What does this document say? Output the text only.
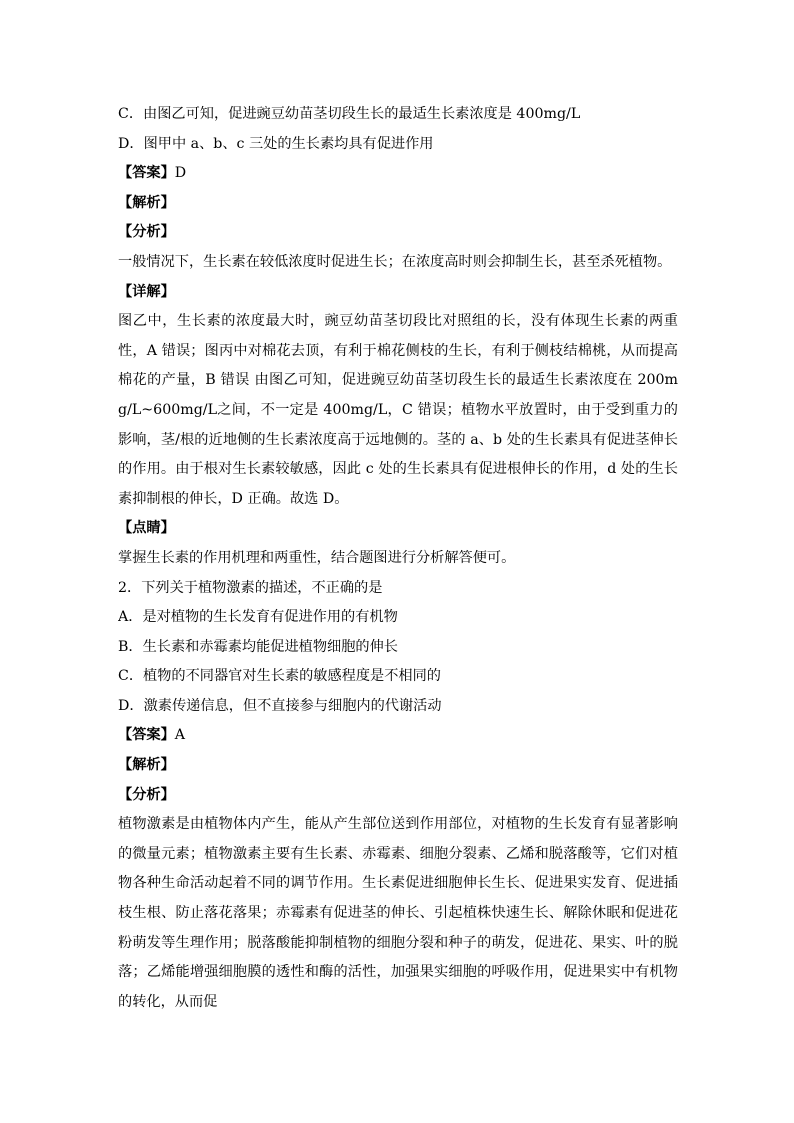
C．由图乙可知，促进豌豆幼苗茎切段生长的最适生长素浓度是 400mg/L

D．图甲中 a、b、c 三处的生长素均具有促进作用

【答案】D

【解析】

【分析】

一般情况下，生长素在较低浓度时促进生长；在浓度高时则会抑制生长，甚至杀死植物。

【详解】

图乙中，生长素的浓度最大时，豌豆幼苗茎切段比对照组的长，没有体现生长素的两重性，A 错误；图丙中对棉花去顶，有利于棉花侧枝的生长，有利于侧枝结棉桃，从而提高棉花的产量，B 错误 由图乙可知，促进豌豆幼苗茎切段生长的最适生长素浓度在 200mg/L~600mg/L之间，不一定是 400mg/L，C 错误；植物水平放置时，由于受到重力的影响，茎/根的近地侧的生长素浓度高于远地侧的。茎的 a、b 处的生长素具有促进茎伸长的作用。由于根对生长素较敏感，因此 c 处的生长素具有促进根伸长的作用，d 处的生长素抑制根的伸长，D 正确。故选 D。

【点睛】

掌握生长素的作用机理和两重性，结合题图进行分析解答便可。

2．下列关于植物激素的描述，不正确的是

A．是对植物的生长发育有促进作用的有机物

B．生长素和赤霉素均能促进植物细胞的伸长

C．植物的不同器官对生长素的敏感程度是不相同的

D．激素传递信息，但不直接参与细胞内的代谢活动

【答案】A

【解析】

【分析】

植物激素是由植物体内产生，能从产生部位送到作用部位，对植物的生长发育有显著影响的微量元素；植物激素主要有生长素、赤霉素、细胞分裂素、乙烯和脱落酸等，它们对植物各种生命活动起着不同的调节作用。生长素促进细胞伸长生长、促进果实发育、促进插枝生根、防止落花落果；赤霉素有促进茎的伸长、引起植株快速生长、解除休眠和促进花粉萌发等生理作用；脱落酸能抑制植物的细胞分裂和种子的萌发，促进花、果实、叶的脱落；乙烯能增强细胞膜的透性和酶的活性，加强果实细胞的呼吸作用，促进果实中有机物的转化，从而促
